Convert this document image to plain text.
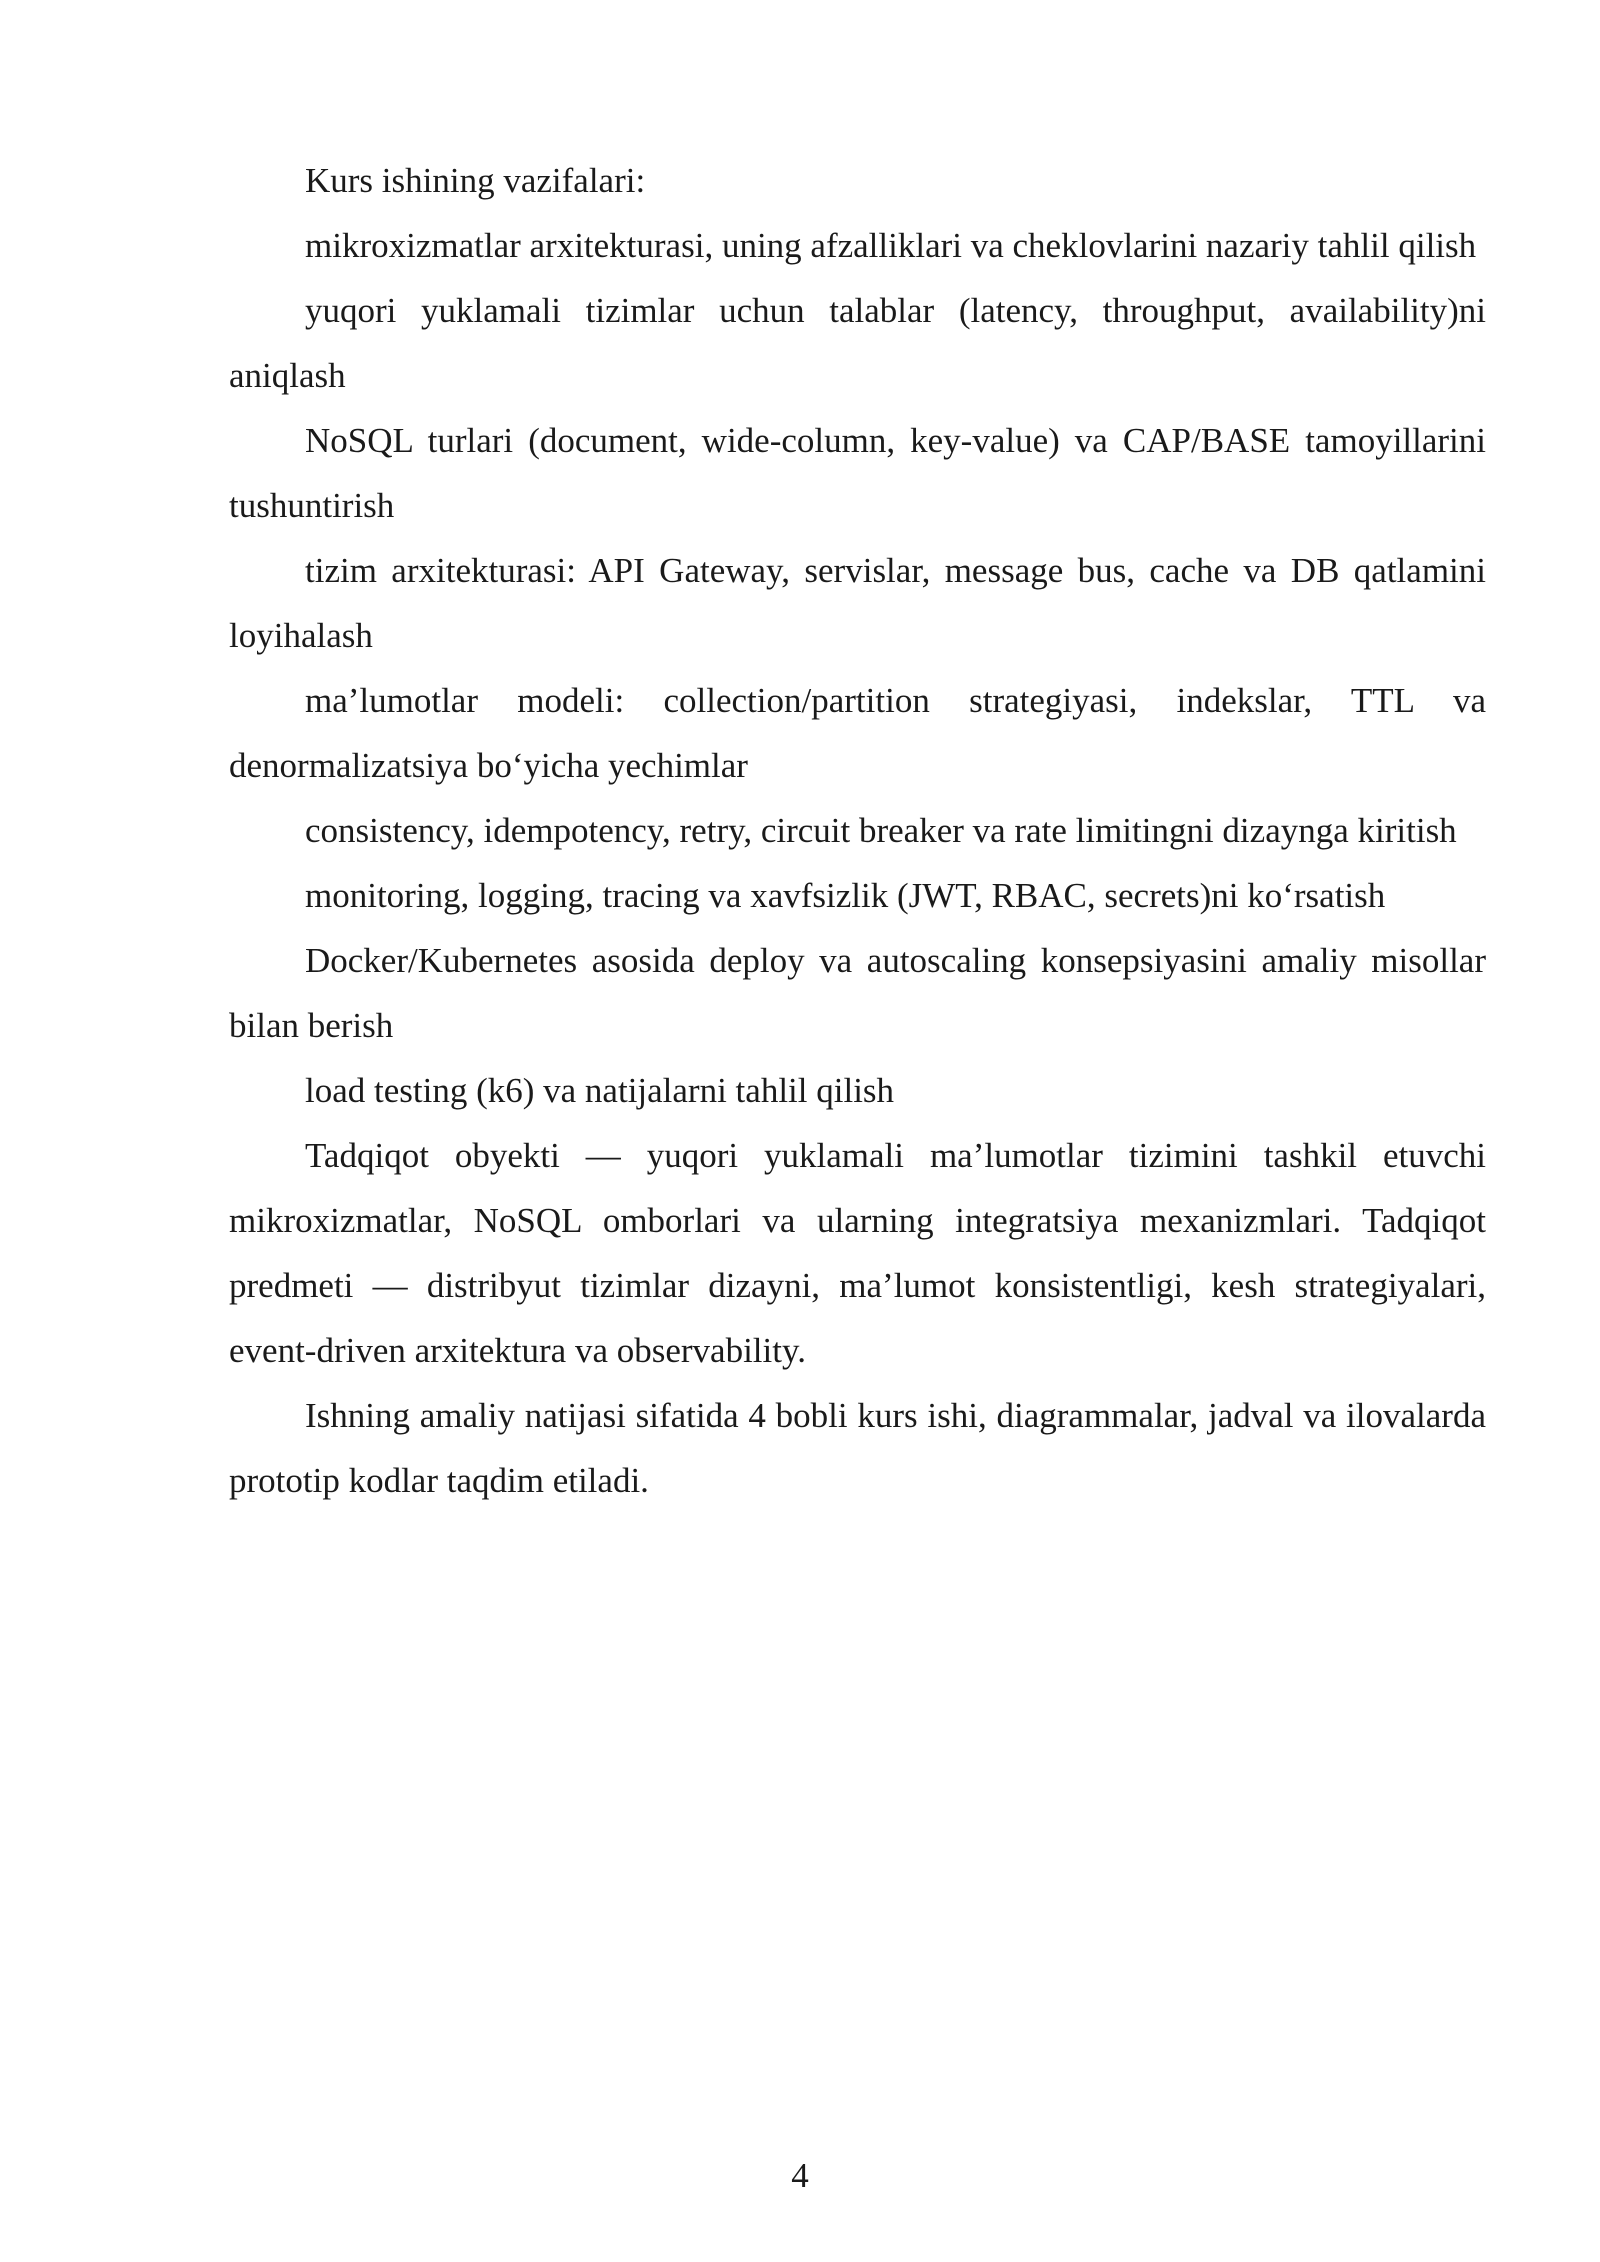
Kurs ishining vazifalari:

mikroxizmatlar arxitekturasi, uning afzalliklari va cheklovlarini nazariy tahlil qilish

yuqori yuklamali tizimlar uchun talablar (latency, throughput, availability)ni aniqlash

NoSQL turlari (document, wide-column, key-value) va CAP/BASE tamoyillarini tushuntirish

tizim arxitekturasi: API Gateway, servislar, message bus, cache va DB qatlamini loyihalash

ma’lumotlar modeli: collection/partition strategiyasi, indekslar, TTL va denormalizatsiya bo‘yicha yechimlar

consistency, idempotency, retry, circuit breaker va rate limitingni dizaynga kiritish

monitoring, logging, tracing va xavfsizlik (JWT, RBAC, secrets)ni ko‘rsatish

Docker/Kubernetes asosida deploy va autoscaling konsepsiyasini amaliy misollar bilan berish

load testing (k6) va natijalarni tahlil qilish

Tadqiqot obyekti — yuqori yuklamali ma’lumotlar tizimini tashkil etuvchi mikroxizmatlar, NoSQL omborlari va ularning integratsiya mexanizmlari. Tadqiqot predmeti — distribyut tizimlar dizayni, ma’lumot konsistentligi, kesh strategiyalari, event-driven arxitektura va observability.

Ishning amaliy natijasi sifatida 4 bobli kurs ishi, diagrammalar, jadval va ilovalarda prototip kodlar taqdim etiladi.

4
